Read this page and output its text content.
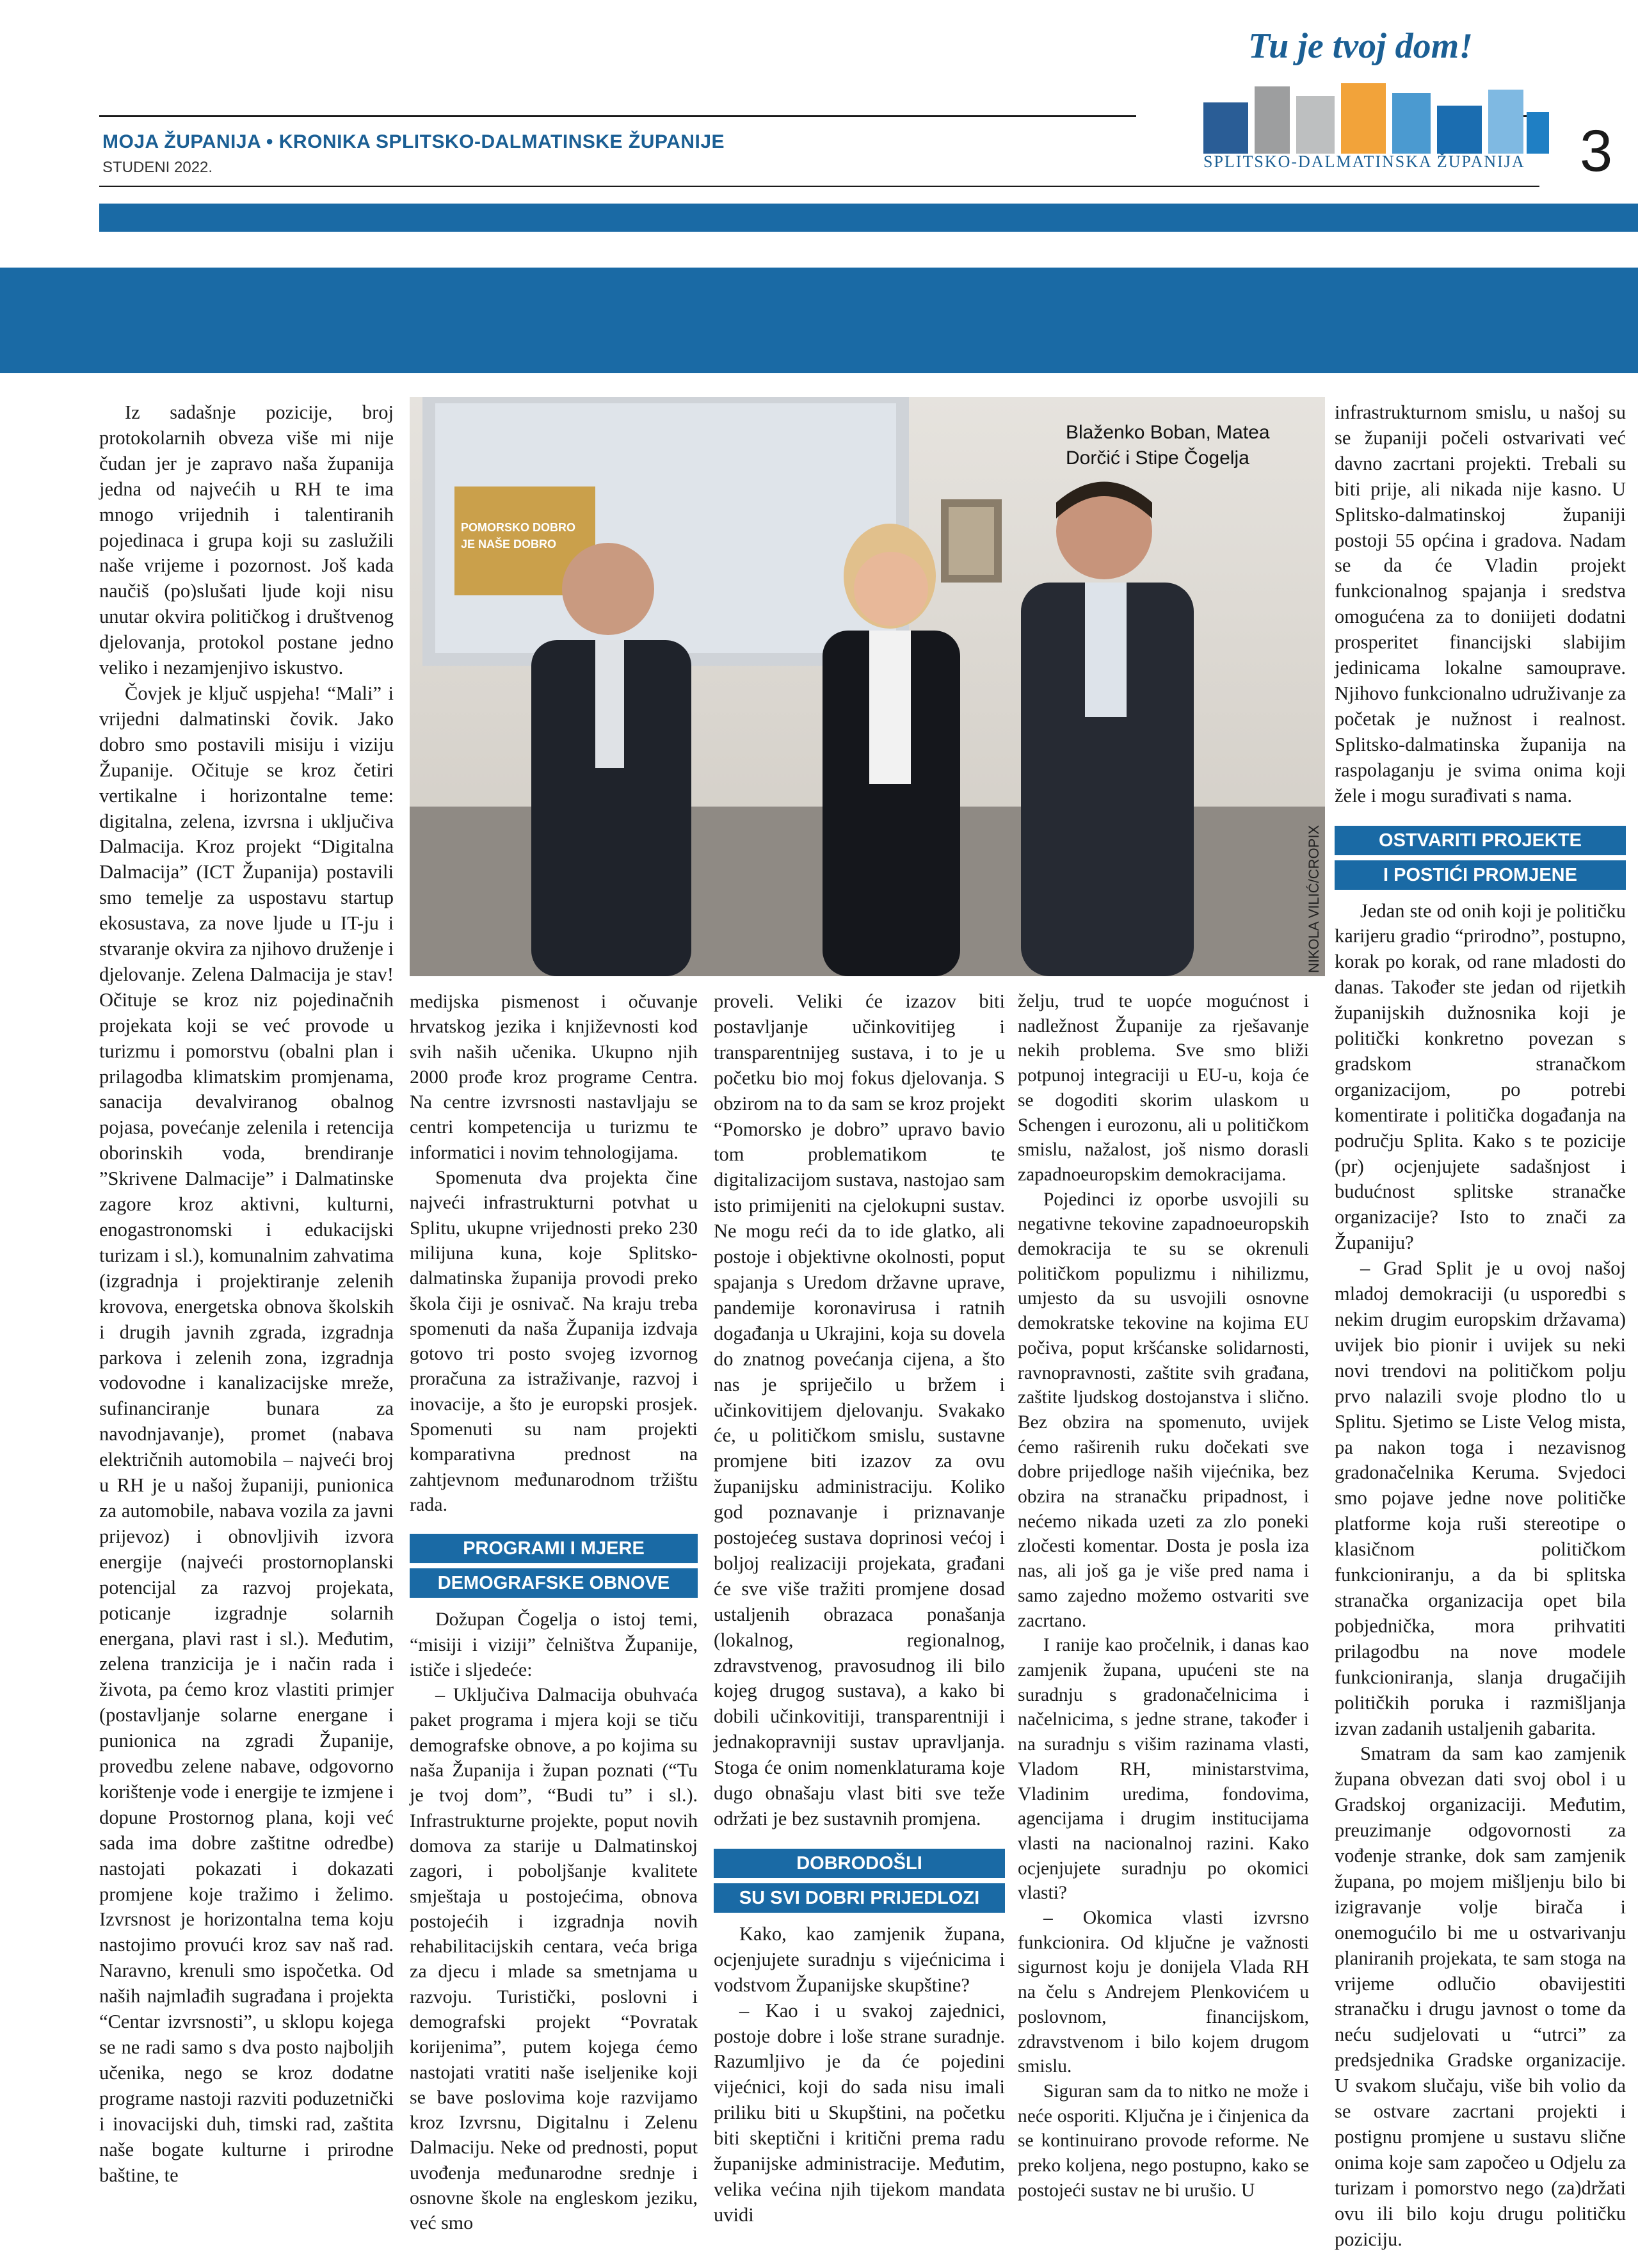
MOJA ŽUPANIJA • KRONIKA SPLITSKO-DALMATINSKE ŽUPANIJE
STUDENI 2022.	3
Tu je tvoj dom!
SPLITSKO-DALMATINSKA ŽUPANIJA
POMORSKO DOBRO
JE NAŠE DOBRO
Blaženko Boban, Matea
Dorčić i Stipe Čogelja
NIKOLA VILIĆ/CROPIX

Iz sadašnje pozicije, broj protokolarnih obveza više mi nije čudan jer je zapravo naša županija jedna od najvećih u RH te ima mnogo vrijednih i talentiranih pojedinaca i grupa koji su zaslužili naše vrijeme i pozornost. Još kada naučiš (po)slušati ljude koji nisu unutar okvira političkog i društvenog djelovanja, protokol postane jedno veliko i nezamjenjivo iskustvo.

Čovjek je ključ uspjeha! “Mali” i vrijedni dalmatinski čovik. Jako dobro smo postavili misiju i viziju Županije. Očituje se kroz četiri vertikalne i horizontalne teme: digitalna, zelena, izvrsna i uključiva Dalmacija. Kroz projekt “Digitalna Dalmacija” (ICT Županija) postavili smo temelje za uspostavu startup ekosustava, za nove ljude u IT-ju i stvaranje okvira za njihovo druženje i djelovanje. Zelena Dalmacija je stav! Očituje se kroz niz pojedinačnih projekata koji se već provode u turizmu i pomorstvu (obalni plan i prilagodba klimatskim promjenama, sanacija devalviranog obalnog pojasa, povećanje zelenila i retencija oborinskih voda, brendiranje ”Skrivene Dalmacije” i Dalmatinske zagore kroz aktivni, kulturni, enogastronomski i edukacijski turizam i sl.), komunalnim zahvatima (izgradnja i projektiranje zelenih krovova, energetska obnova školskih i drugih javnih zgrada, izgradnja parkova i zelenih zona, izgradnja vodovodne i kanalizacijske mreže, sufinanciranje bunara za navodnjavanje), promet (nabava električnih automobila – najveći broj u RH je u našoj županiji, punionica za automobile, nabava vozila za javni prijevoz) i obnovljivih izvora energije (najveći prostornoplanski potencijal za razvoj projekata, poticanje izgradnje solarnih energana, plavi rast i sl.). Međutim, zelena tranzicija je i način rada i života, pa ćemo kroz vlastiti primjer (postavljanje solarne energane i punionica na zgradi Županije, provedbu zelene nabave, odgovorno korištenje vode i energije te izmjene i dopune Prostornog plana, koji već sada ima dobre zaštitne odredbe) nastojati pokazati i dokazati promjene koje tražimo i želimo. Izvrsnost je horizontalna tema koju nastojimo provući kroz sav naš rad. Naravno, krenuli smo ispočetka. Od naših najmlađih sugrađana i projekta “Centar izvrsnosti”, u sklopu kojega se ne radi samo s dva posto najboljih učenika, nego se kroz dodatne programe nastoji razviti poduzetnički i inovacijski duh, timski rad, zaštita naše bogate kulturne i prirodne baštine, te

medijska pismenost i očuvanje hrvatskog jezika i književnosti kod svih naših učenika. Ukupno njih 2000 prođe kroz programe Centra. Na centre izvrsnosti nastavljaju se centri kompetencija u turizmu te informatici i novim tehnologijama.

Spomenuta dva projekta čine najveći infrastrukturni potvhat u Splitu, ukupne vrijednosti preko 230 milijuna kuna, koje Splitsko-dalmatinska županija provodi preko škola čiji je osnivač. Na kraju treba spomenuti da naša Županija izdvaja gotovo tri posto svojeg izvornog proračuna za istraživanje, razvoj i inovacije, a što je europski prosjek. Spomenuti su nam projekti komparativna prednost na zahtjevnom međunarodnom tržištu rada.

PROGRAMI I MJERE
DEMOGRAFSKE OBNOVE

Dožupan Čogelja o istoj temi, “misiji i viziji” čelništva Županije, ističe i sljedeće:

– Uključiva Dalmacija obuhvaća paket programa i mjera koji se tiču demografske obnove, a po kojima su naša Županija i župan poznati (“Tu je tvoj dom”, “Budi tu” i sl.). Infrastrukturne projekte, poput novih domova za starije u Dalmatinskoj zagori, i poboljšanje kvalitete smještaja u postojećima, obnova postojećih i izgradnja novih rehabilitacijskih centara, veća briga za djecu i mlade sa smetnjama u razvoju. Turistički, poslovni i demografski projekt “Povratak korijenima”, putem kojega ćemo nastojati vratiti naše iseljenike koji se bave poslovima koje razvijamo kroz Izvrsnu, Digitalnu i Zelenu Dalmaciju. Neke od prednosti, poput uvođenja međunarodne srednje i osnovne škole na engleskom jeziku, već smo

proveli. Veliki će izazov biti postavljanje učinkovitijeg i transparentnijeg sustava, i to je u početku bio moj fokus djelovanja. S obzirom na to da sam se kroz projekt “Pomorsko je dobro” upravo bavio tom problematikom te digitalizacijom sustava, nastojao sam isto primijeniti na cjelokupni sustav. Ne mogu reći da to ide glatko, ali postoje i objektivne okolnosti, poput spajanja s Uredom državne uprave, pandemije koronavirusa i ratnih događanja u Ukrajini, koja su dovela do znatnog povećanja cijena, a što nas je spriječilo u bržem i učinkovitijem djelovanju. Svakako će, u političkom smislu, sustavne promjene biti izazov za ovu županijsku administraciju. Koliko god poznavanje i priznavanje postojećeg sustava doprinosi većoj i boljoj realizaciji projekata, građani će sve više tražiti promjene dosad ustaljenih obrazaca ponašanja (lokalnog, regionalnog, zdravstvenog, pravosudnog ili bilo kojeg drugog sustava), a kako bi dobili učinkovitiji, transparentniji i jednakopravniji sustav upravljanja. Stoga će onim nomenklaturama koje dugo obnašaju vlast biti sve teže održati je bez sustavnih promjena.

DOBRODOŠLI
SU SVI DOBRI PRIJEDLOZI

Kako, kao zamjenik župana, ocjenjujete suradnju s vijećnicima i vodstvom Županijske skupštine?

– Kao i u svakoj zajednici, postoje dobre i loše strane suradnje. Razumljivo je da će pojedini vijećnici, koji do sada nisu imali priliku biti u Skupštini, na početku biti skeptični i kritični prema radu županijske administracije. Međutim, velika većina njih tijekom mandata uvidi

želju, trud te uopće mogućnost i nadležnost Županije za rješavanje nekih problema. Sve smo bliži potpunoj integraciji u EU-u, koja će se dogoditi skorim ulaskom u Schengen i eurozonu, ali u političkom smislu, nažalost, još nismo dorasli zapadnoeuropskim demokracijama.

Pojedinci iz oporbe usvojili su negativne tekovine zapadnoeuropskih demokracija te su se okrenuli političkom populizmu i nihilizmu, umjesto da su usvojili osnovne demokratske tekovine na kojima EU počiva, poput kršćanske solidarnosti, ravnopravnosti, zaštite svih građana, zaštite ljudskog dostojanstva i slično. Bez obzira na spomenuto, uvijek ćemo raširenih ruku dočekati sve dobre prijedloge naših vijećnika, bez obzira na stranačku pripadnost, i nećemo nikada uzeti za zlo poneki zločesti komentar. Dosta je posla iza nas, ali još ga je više pred nama i samo zajedno možemo ostvariti sve zacrtano.

I ranije kao pročelnik, i danas kao zamjenik župana, upućeni ste na suradnju s gradonačelnicima i načelnicima, s jedne strane, također i na suradnju s višim razinama vlasti, Vladom RH, ministarstvima, Vladinim uredima, fondovima, agencijama i drugim institucijama vlasti na nacionalnoj razini. Kako ocjenjujete suradnju po okomici vlasti?

– Okomica vlasti izvrsno funkcionira. Od ključne je važnosti sigurnost koju je donijela Vlada RH na čelu s Andrejem Plenkovićem u poslovnom, financijskom, zdravstvenom i bilo kojem drugom smislu.

Siguran sam da to nitko ne može i neće osporiti. Ključna je i činjenica da se kontinuirano provode reforme. Ne preko koljena, nego postupno, kako se postojeći sustav ne bi urušio. U

infrastrukturnom smislu, u našoj su se županiji počeli ostvarivati već davno zacrtani projekti. Trebali su biti prije, ali nikada nije kasno. U Splitsko-dalmatinskoj županiji postoji 55 općina i gradova. Nadam se da će Vladin projekt funkcionalnog spajanja i sredstva omogućena za to doniijeti dodatni prosperitet financijski slabijim jedinicama lokalne samouprave. Njihovo funkcionalno udruživanje za početak je nužnost i realnost. Splitsko-dalmatinska županija na raspolaganju je svima onima koji žele i mogu surađivati s nama.

OSTVARITI PROJEKTE
I POSTIĆI PROMJENE

Jedan ste od onih koji je političku karijeru gradio “prirodno”, postupno, korak po korak, od rane mladosti do danas. Također ste jedan od rijetkih županijskih dužnosnika koji je politički konkretno povezan s gradskom stranačkom organizacijom, po potrebi komentirate i politička događanja na području Splita. Kako s te pozicije (pr) ocjenjujete sadašnjost i budućnost splitske stranačke organizacije? Isto to znači za Županiju?

– Grad Split je u ovoj našoj mladoj demokraciji (u usporedbi s nekim drugim europskim državama) uvijek bio pionir i uvijek su neki novi trendovi na političkom polju prvo nalazili svoje plodno tlo u Splitu. Sjetimo se Liste Velog mista, pa nakon toga i nezavisnog gradonačelnika Keruma. Svjedoci smo pojave jedne nove političke platforme koja ruši stereotipe o klasičnom političkom funkcioniranju, a da bi splitska stranačka organizacija opet bila pobjednička, mora prihvatiti prilagodbu na nove modele funkcioniranja, slanja drugačijih političkih poruka i razmišljanja izvan zadanih ustaljenih gabarita.

Smatram da sam kao zamjenik župana obvezan dati svoj obol i u Gradskoj organizaciji. Međutim, preuzimanje odgovornosti za vođenje stranke, dok sam zamjenik župana, po mojem mišljenju bilo bi izigravanje volje birača i onemogućilo bi me u ostvarivanju planiranih projekata, te sam stoga na vrijeme odlučio obavijestiti stranačku i drugu javnost o tome da neću sudjelovati u “utrci” za predsjednika Gradske organizacije. U svakom slučaju, više bih volio da se ostvare zacrtani projekti i postignu promjene u sustavu slične onima koje sam započeo u Odjelu za turizam i pomorstvo nego (za)držati ovu ili bilo koju drugu političku poziciju.
